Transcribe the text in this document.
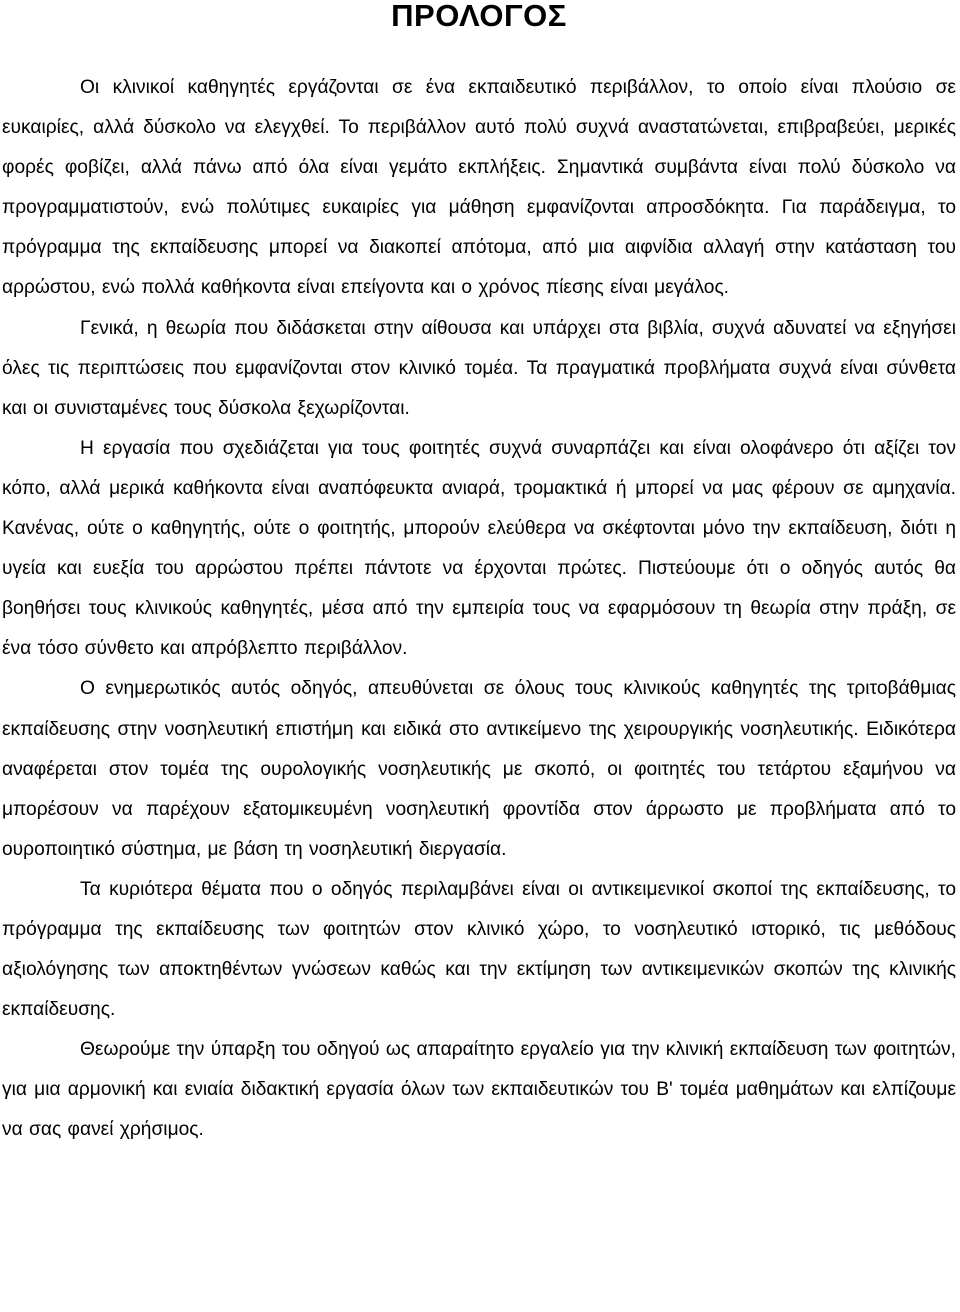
ΠΡΟΛΟΓΟΣ

Οι κλινικοί καθηγητές εργάζονται σε ένα εκπαιδευτικό περιβάλλον, το οποίο είναι πλούσιο σε ευκαιρίες, αλλά δύσκολο να ελεγχθεί. Το περιβάλλον αυτό πολύ συχνά αναστατώνεται, επιβραβεύει, μερικές φορές φοβίζει, αλλά πάνω από όλα είναι γεμάτο εκπλήξεις. Σημαντικά συμβάντα είναι πολύ δύσκολο να προγραμματιστούν, ενώ πολύτιμες ευκαιρίες για μάθηση εμφανίζονται απροσδόκητα. Για παράδειγμα, το πρόγραμμα της εκπαίδευσης μπορεί να διακοπεί απότομα, από μια αιφνίδια αλλαγή στην κατάσταση του αρρώστου, ενώ πολλά καθήκοντα είναι επείγοντα και ο χρόνος πίεσης είναι μεγάλος.

Γενικά, η θεωρία που διδάσκεται στην αίθουσα και υπάρχει στα βιβλία, συχνά αδυνατεί να εξηγήσει όλες τις περιπτώσεις που εμφανίζονται στον κλινικό τομέα. Τα πραγματικά προβλήματα συχνά είναι σύνθετα και οι συνισταμένες τους δύσκολα ξεχωρίζονται.

Η εργασία που σχεδιάζεται για τους φοιτητές συχνά συναρπάζει και είναι ολοφάνερο ότι αξίζει τον κόπο, αλλά μερικά καθήκοντα είναι αναπόφευκτα ανιαρά, τρομακτικά ή μπορεί να μας φέρουν σε αμηχανία. Κανένας, ούτε ο καθηγητής, ούτε ο φοιτητής, μπορούν ελεύθερα να σκέφτονται μόνο την εκπαίδευση, διότι η υγεία και ευεξία του αρρώστου πρέπει πάντοτε να έρχονται πρώτες. Πιστεύουμε ότι ο οδηγός αυτός θα βοηθήσει τους κλινικούς καθηγητές, μέσα από την εμπειρία τους να εφαρμόσουν τη θεωρία στην πράξη, σε ένα τόσο σύνθετο και απρόβλεπτο περιβάλλον.

Ο ενημερωτικός αυτός οδηγός, απευθύνεται σε όλους τους κλινικούς καθηγητές της τριτοβάθμιας εκπαίδευσης στην νοσηλευτική επιστήμη και ειδικά στο αντικείμενο της χειρουργικής νοσηλευτικής. Ειδικότερα αναφέρεται στον τομέα της ουρολογικής νοσηλευτικής με σκοπό, οι φοιτητές του τετάρτου εξαμήνου να μπορέσουν να παρέχουν εξατομικευμένη νοσηλευτική φροντίδα στον άρρωστο με προβλήματα από το ουροποιητικό σύστημα, με βάση τη νοσηλευτική διεργασία.

Τα κυριότερα θέματα που ο οδηγός περιλαμβάνει είναι οι αντικειμενικοί σκοποί της εκπαίδευσης, το πρόγραμμα της εκπαίδευσης των φοιτητών στον κλινικό χώρο, το νοσηλευτικό ιστορικό, τις μεθόδους αξιολόγησης των αποκτηθέντων γνώσεων καθώς και την εκτίμηση των αντικειμενικών σκοπών της κλινικής εκπαίδευσης.

Θεωρούμε την ύπαρξη του οδηγού ως απαραίτητο εργαλείο για την κλινική εκπαίδευση των φοιτητών, για μια αρμονική και ενιαία διδακτική εργασία όλων των εκπαιδευτικών του Β' τομέα μαθημάτων και ελπίζουμε να σας φανεί χρήσιμος.
